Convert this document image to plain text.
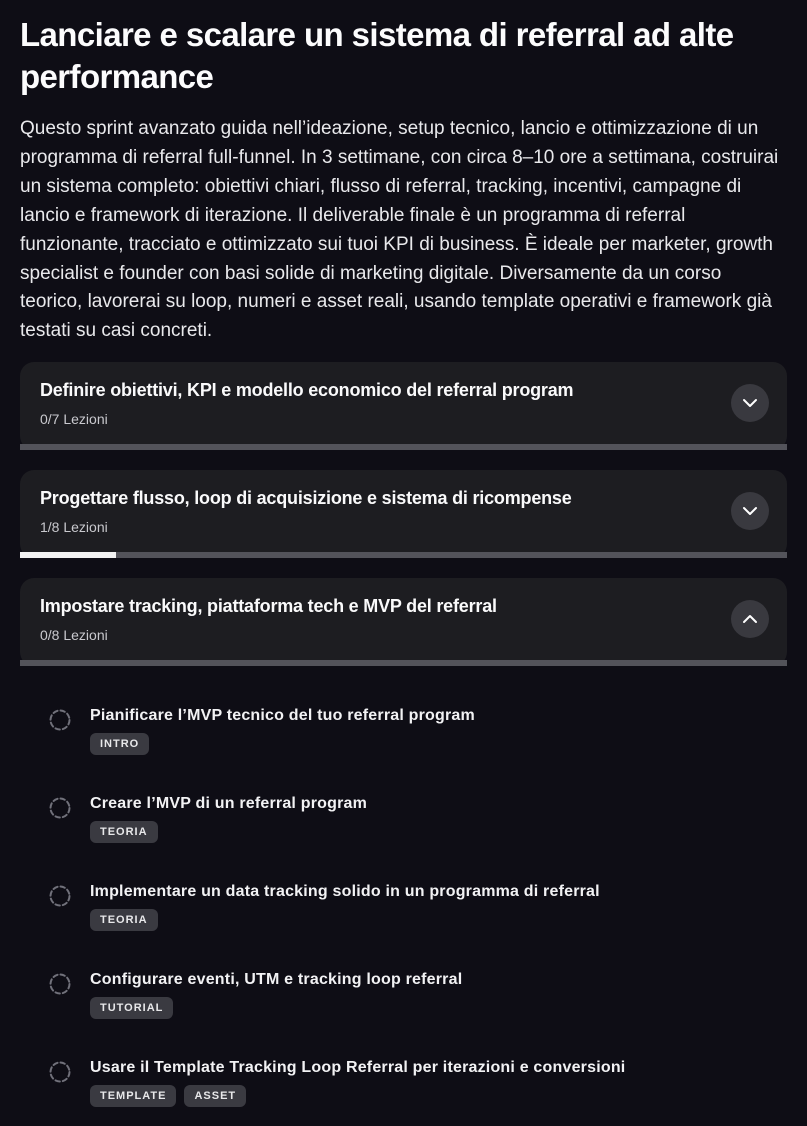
Lanciare e scalare un sistema di referral ad alte performance

Questo sprint avanzato guida nell’ideazione, setup tecnico, lancio e ottimizzazione di un programma di referral full-funnel. In 3 settimane, con circa 8–10 ore a settimana, costruirai un sistema completo: obiettivi chiari, flusso di referral, tracking, incentivi, campagne di lancio e framework di iterazione. Il deliverable finale è un programma di referral funzionante, tracciato e ottimizzato sui tuoi KPI di business. È ideale per marketer, growth specialist e founder con basi solide di marketing digitale. Diversamente da un corso teorico, lavorerai su loop, numeri e asset reali, usando template operativi e framework già testati su casi concreti.

Definire obiettivi, KPI e modello economico del referral program
0/7 Lezioni
Progettare flusso, loop di acquisizione e sistema di ricompense
1/8 Lezioni
Impostare tracking, piattaforma tech e MVP del referral
0/8 Lezioni
Pianificare l’MVP tecnico del tuo referral program
INTRO
Creare l’MVP di un referral program
TEORIA
Implementare un data tracking solido in un programma di referral
TEORIA
Configurare eventi, UTM e tracking loop referral
TUTORIAL
Usare il Template Tracking Loop Referral per iterazioni e conversioni
TEMPLATE	ASSET
